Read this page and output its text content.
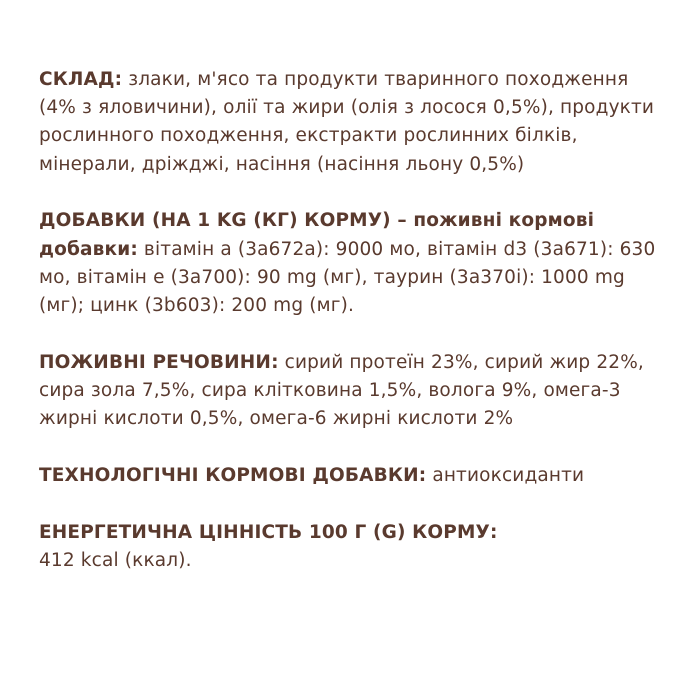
СКЛАД: злаки, м'ясо та продукти тваринного походження (4% з яловичини), олії та жири (олія з лосося 0,5%), продукти рослинного походження, екстракти рослинних білків, мінерали, дріжджі, насіння (насіння льону 0,5%)

ДОБАВКИ (НА 1 KG (КГ) КОРМУ) – поживні кормові добавки: вітамін a (3a672a): 9000 мо, вітамін d3 (3a671): 630 мо, вітамін e (3a700): 90 mg (мг), таурин (3a370i): 1000 mg (мг); цинк (3b603): 200 mg (мг).

ПОЖИВНІ РЕЧОВИНИ: сирий протеїн 23%, сирий жир 22%, сира зола 7,5%, сира клітковина 1,5%, волога 9%, омега-3 жирні кислоти 0,5%, омега-6 жирні кислоти 2%

ТЕХНОЛОГІЧНІ КОРМОВІ ДОБАВКИ: антиоксиданти

ЕНЕРГЕТИЧНА ЦІННІСТЬ 100 Г (G) КОРМУ:
412 kcal (ккал).
